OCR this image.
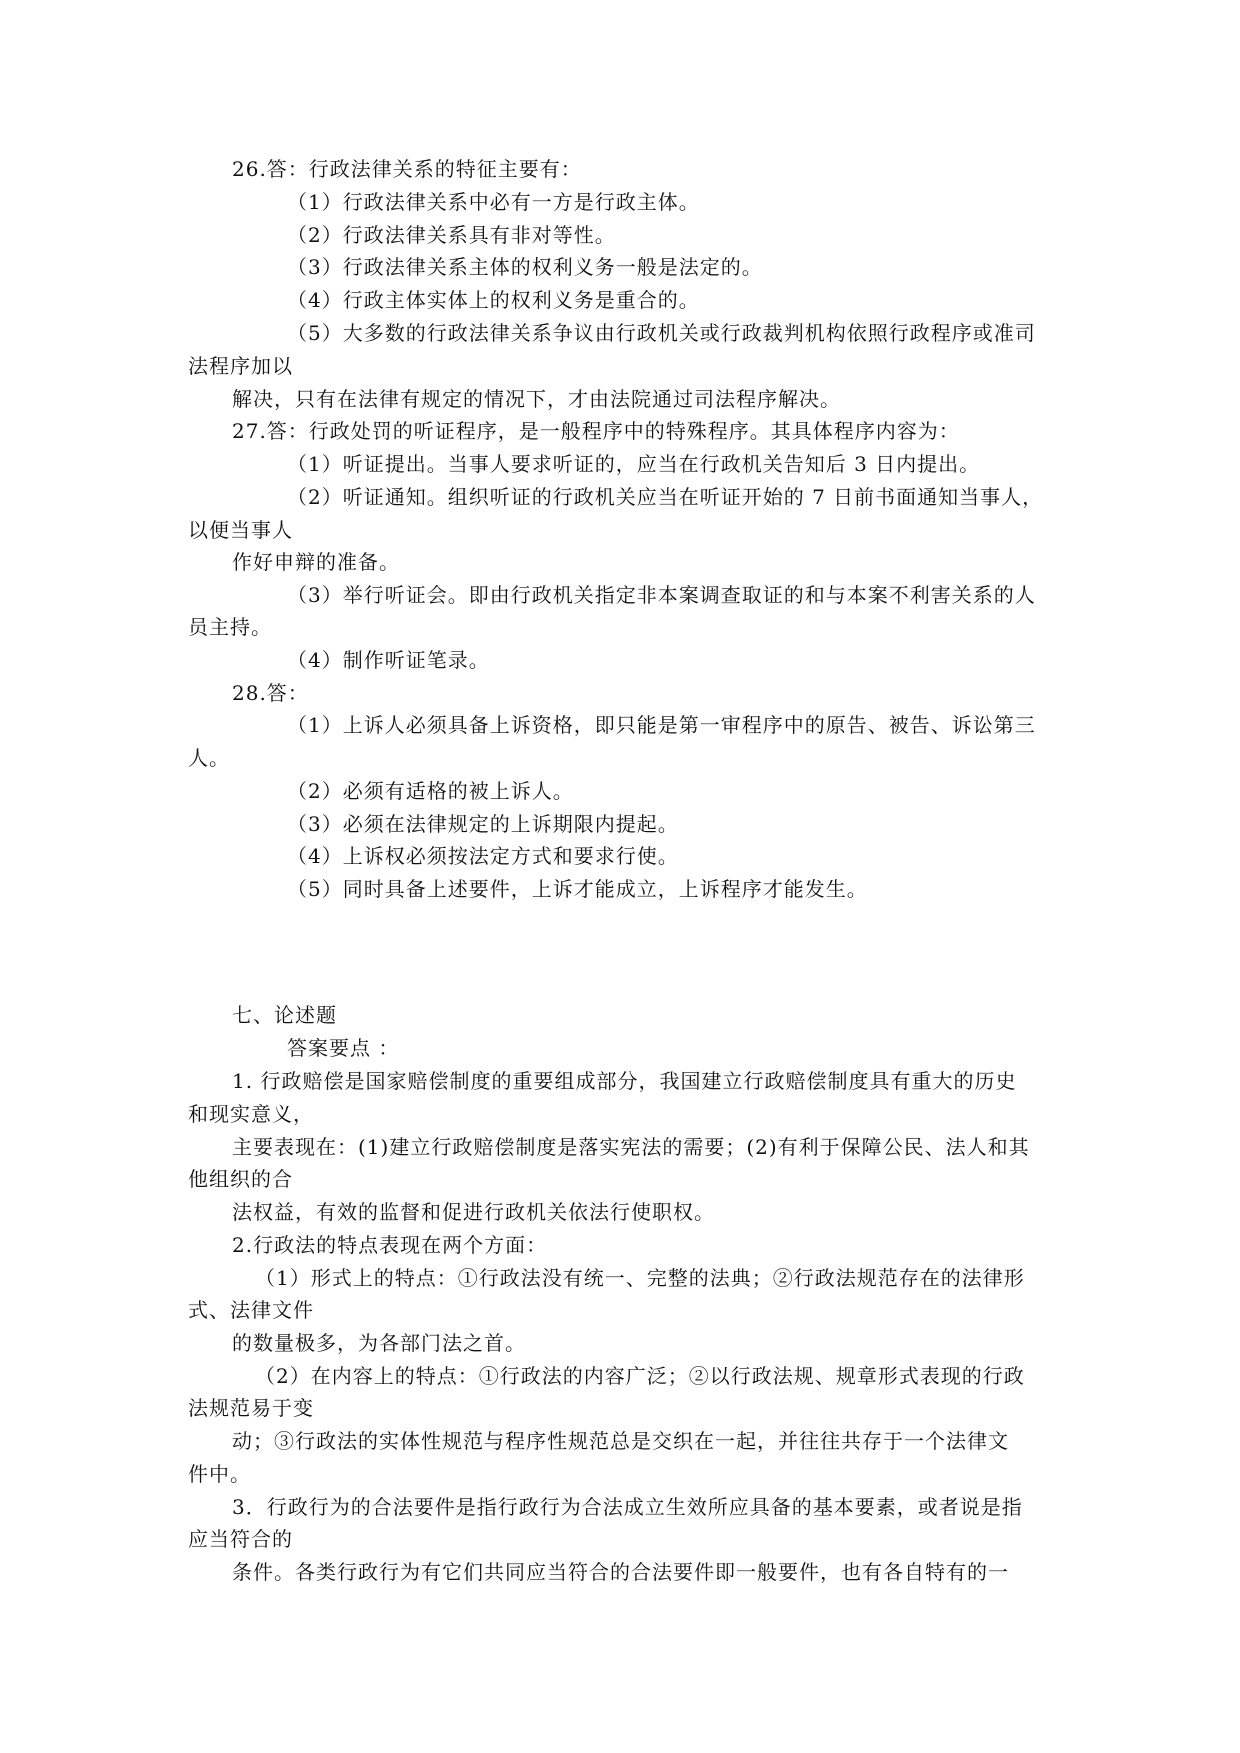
26.答：行政法律关系的特征主要有：
（1）行政法律关系中必有一方是行政主体。
（2）行政法律关系具有非对等性。
（3）行政法律关系主体的权利义务一般是法定的。
（4）行政主体实体上的权利义务是重合的。
（5）大多数的行政法律关系争议由行政机关或行政裁判机构依照行政程序或准司
法程序加以
解决，只有在法律有规定的情况下，才由法院通过司法程序解决。
27.答：行政处罚的听证程序，是一般程序中的特殊程序。其具体程序内容为：
（1）听证提出。当事人要求听证的，应当在行政机关告知后 3 日内提出。
（2）听证通知。组织听证的行政机关应当在听证开始的 7 日前书面通知当事人，
以便当事人
作好申辩的准备。
（3）举行听证会。即由行政机关指定非本案调查取证的和与本案不利害关系的人
员主持。
（4）制作听证笔录。
28.答：
（1）上诉人必须具备上诉资格，即只能是第一审程序中的原告、被告、诉讼第三
人。
（2）必须有适格的被上诉人。
（3）必须在法律规定的上诉期限内提起。
（4）上诉权必须按法定方式和要求行使。
（5）同时具备上述要件，上诉才能成立，上诉程序才能发生。
七、论述题
答案要点 ：
1. 行政赔偿是国家赔偿制度的重要组成部分，我国建立行政赔偿制度具有重大的历史
和现实意义，
主要表现在：(1)建立行政赔偿制度是落实宪法的需要；(2)有利于保障公民、法人和其
他组织的合
法权益，有效的监督和促进行政机关依法行使职权。
2.行政法的特点表现在两个方面：
（1）形式上的特点：①行政法没有统一、完整的法典；②行政法规范存在的法律形
式、法律文件
的数量极多，为各部门法之首。
（2）在内容上的特点：①行政法的内容广泛；②以行政法规、规章形式表现的行政
法规范易于变
动；③行政法的实体性规范与程序性规范总是交织在一起，并往往共存于一个法律文
件中。
3．行政行为的合法要件是指行政行为合法成立生效所应具备的基本要素，或者说是指
应当符合的
条件。各类行政行为有它们共同应当符合的合法要件即一般要件，也有各自特有的一
